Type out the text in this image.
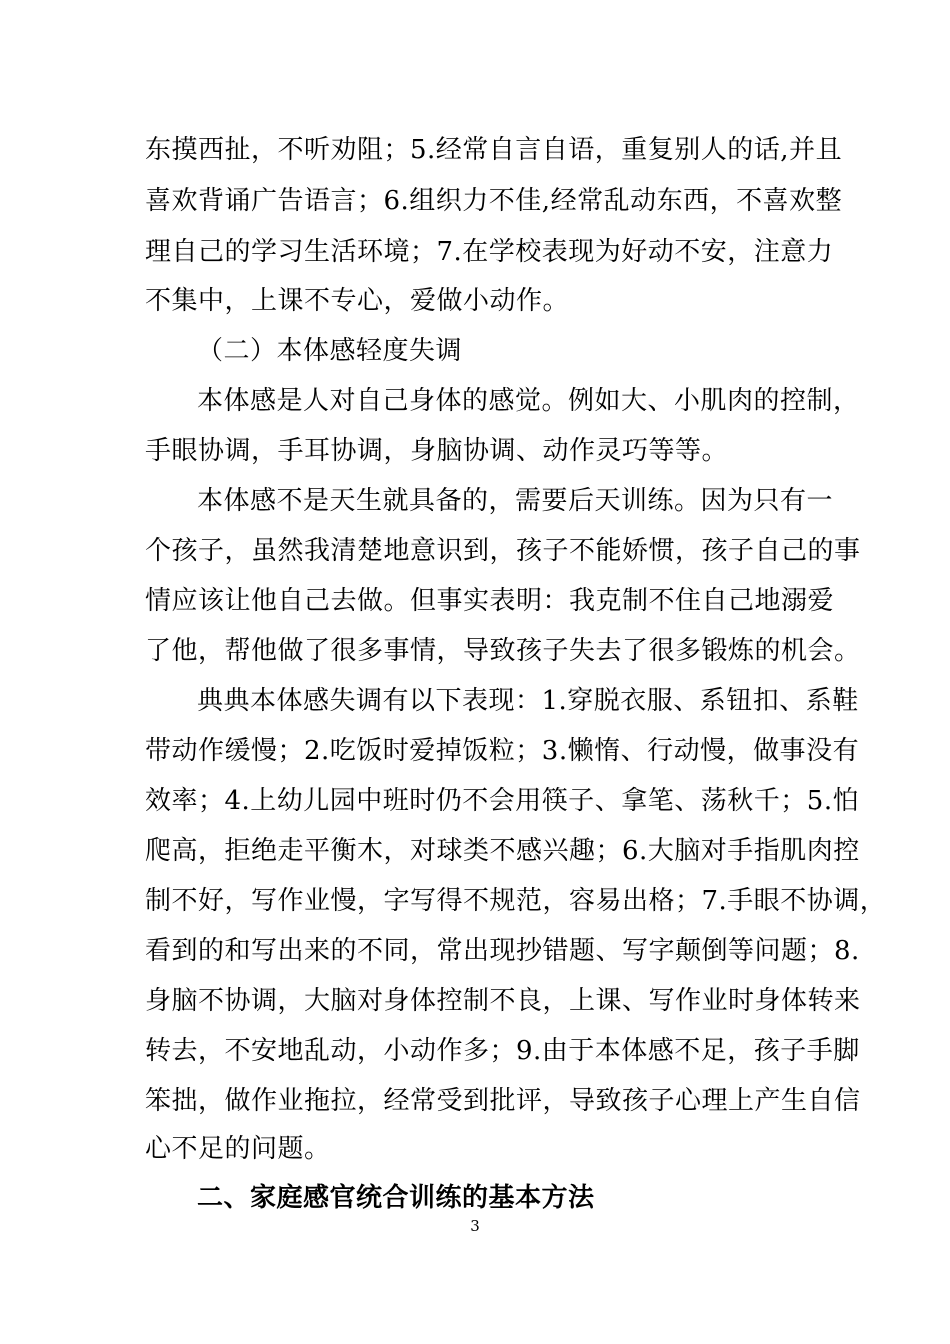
东摸西扯，不听劝阻；5.经常自言自语，重复别人的话,并且
喜欢背诵广告语言；6.组织力不佳,经常乱动东西，不喜欢整
理自己的学习生活环境；7.在学校表现为好动不安，注意力
不集中，上课不专心，爱做小动作。
（二）本体感轻度失调
本体感是人对自己身体的感觉。例如大、小肌肉的控制，
手眼协调，手耳协调，身脑协调、动作灵巧等等。
本体感不是天生就具备的，需要后天训练。因为只有一
个孩子，虽然我清楚地意识到，孩子不能娇惯，孩子自己的事
情应该让他自己去做。但事实表明：我克制不住自己地溺爱
了他，帮他做了很多事情，导致孩子失去了很多锻炼的机会。
典典本体感失调有以下表现：1.穿脱衣服、系钮扣、系鞋
带动作缓慢；2.吃饭时爱掉饭粒；3.懒惰、行动慢，做事没有
效率；4.上幼儿园中班时仍不会用筷子、拿笔、荡秋千；5.怕
爬高，拒绝走平衡木，对球类不感兴趣；6.大脑对手指肌肉控
制不好，写作业慢，字写得不规范，容易出格；7.手眼不协调，
看到的和写出来的不同，常出现抄错题、写字颠倒等问题；8.
身脑不协调，大脑对身体控制不良，上课、写作业时身体转来
转去，不安地乱动，小动作多；9.由于本体感不足，孩子手脚
笨拙，做作业拖拉，经常受到批评，导致孩子心理上产生自信
心不足的问题。
二、家庭感官统合训练的基本方法
3
